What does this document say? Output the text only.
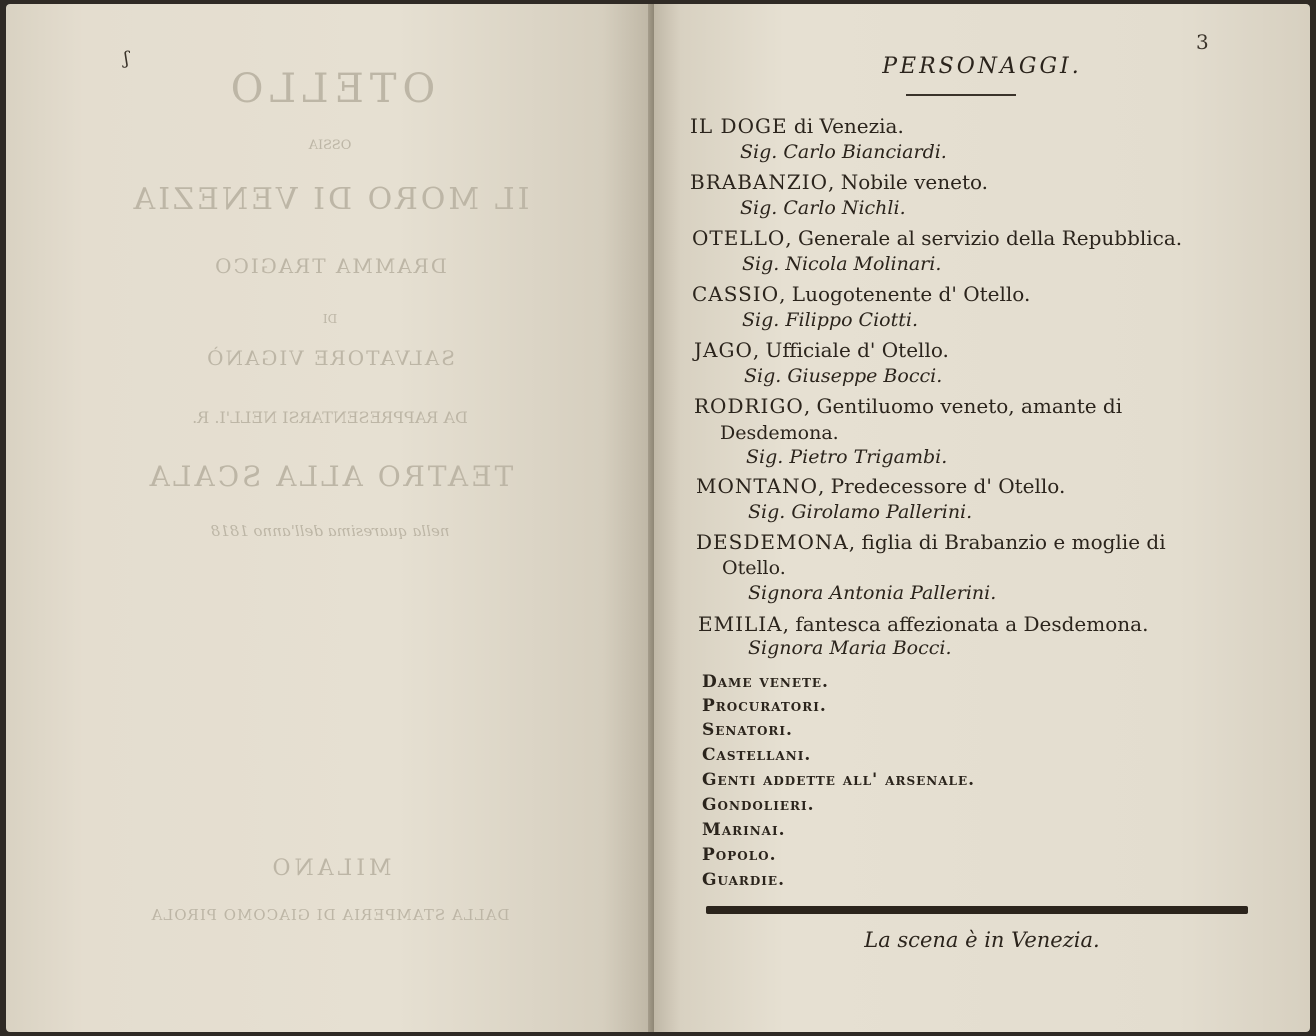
ʃ
OTELLO
OSSIA
IL MORO DI VENEZIA
DRAMMA TRAGICO
DI
SALVATORE VIGANÒ
DA RAPPRESENTARSI NELL'I. R.
TEATRO ALLA SCALA
nella quaresima dell'anno 1818
MILANO
DALLA STAMPERIA DI GIACOMO PIROLA
3
PERSONAGGI.
IL DOGE di Venezia.
Sig. Carlo Bianciardi.
BRABANZIO, Nobile veneto.
Sig. Carlo Nichli.
OTELLO, Generale al servizio della Repubblica.
Sig. Nicola Molinari.
CASSIO, Luogotenente d' Otello.
Sig. Filippo Ciotti.
JAGO, Ufficiale d' Otello.
Sig. Giuseppe Bocci.
RODRIGO, Gentiluomo veneto, amante di
Desdemona.
Sig. Pietro Trigambi.
MONTANO, Predecessore d' Otello.
Sig. Girolamo Pallerini.
DESDEMONA, figlia di Brabanzio e moglie di
Otello.
Signora Antonia Pallerini.
EMILIA, fantesca affezionata a Desdemona.
Signora Maria Bocci.
Dame venete.
Procuratori.
Senatori.
Castellani.
Genti addette all' arsenale.
Gondolieri.
Marinai.
Popolo.
Guardie.
La scena è in Venezia.
